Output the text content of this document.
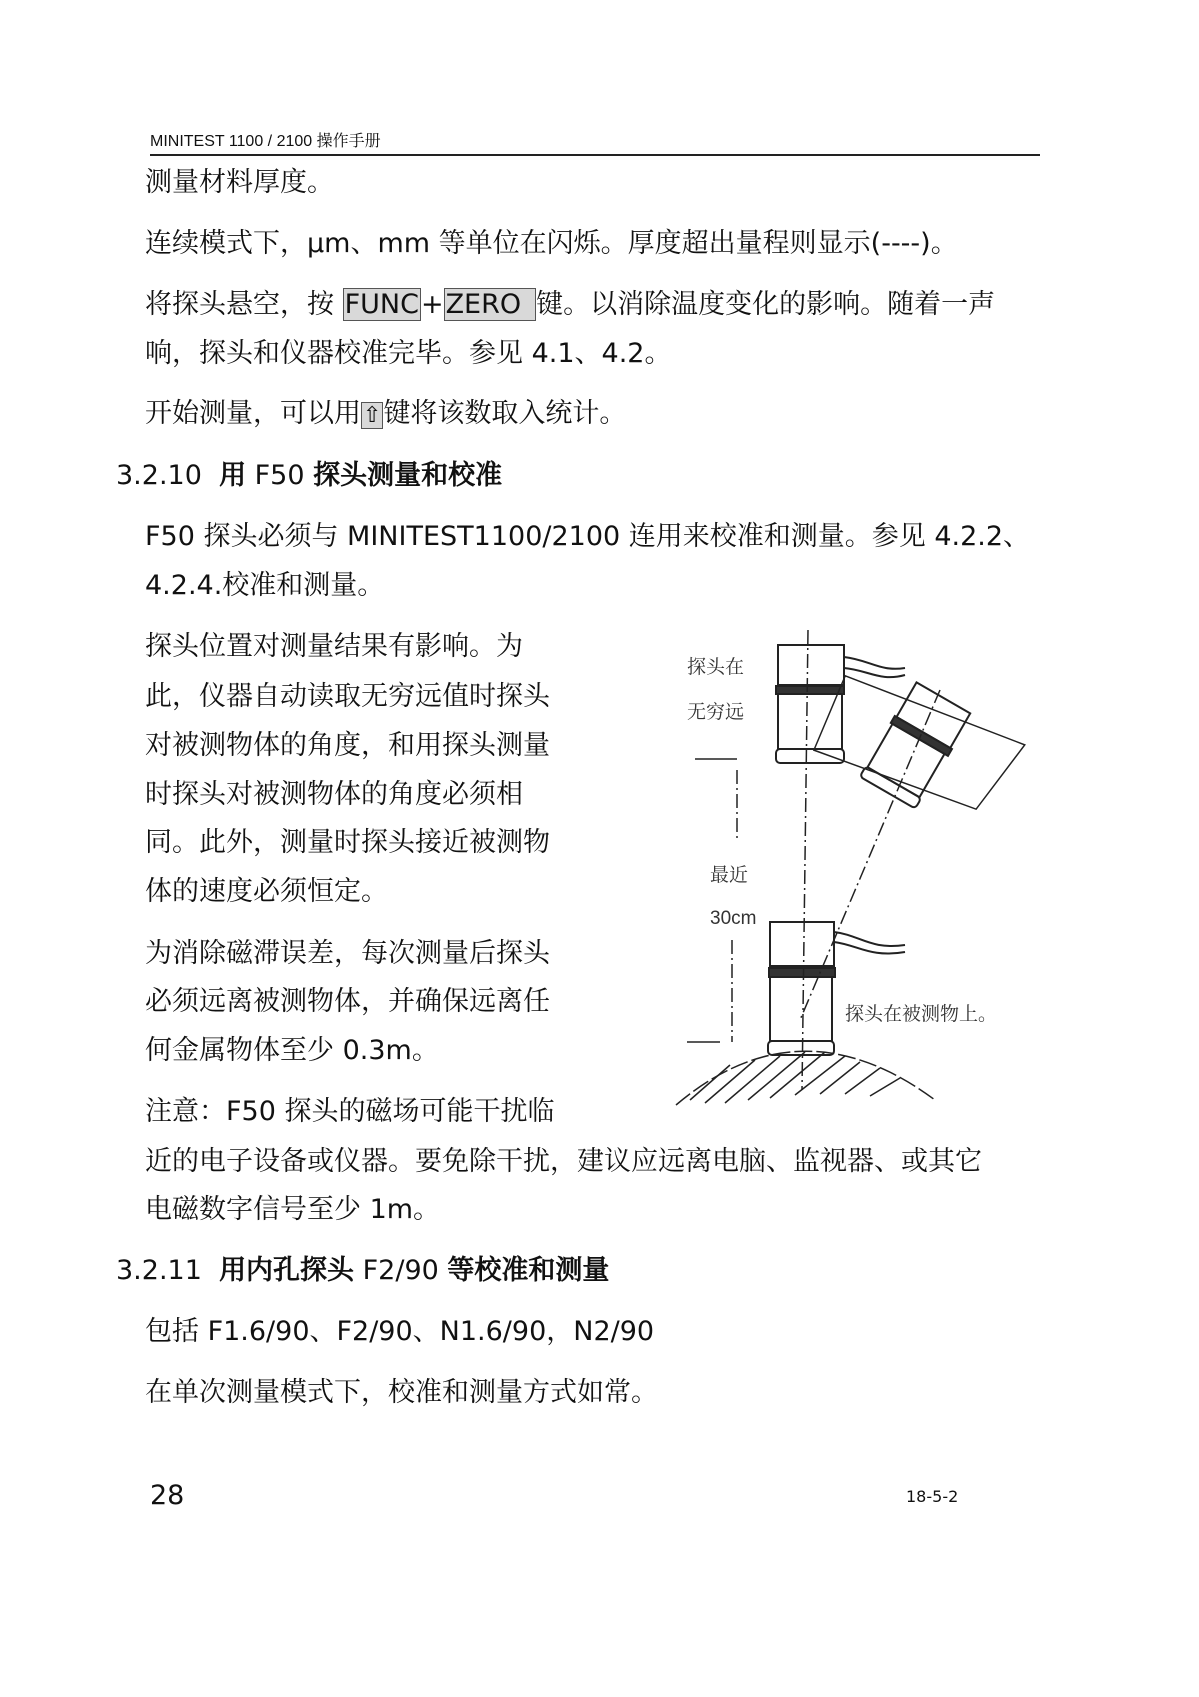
MINITEST 1100 / 2100 操作手册
测量材料厚度。
连续模式下，μm、mm 等单位在闪烁。厚度超出量程则显示(----)。
将探头悬空，按 FUNC+ZERO 键。以消除温度变化的影响。随着一声
响，探头和仪器校准完毕。参见 4.1、4.2。
开始测量，可以用⇧键将该数取入统计。
3.2.10 用 F50 探头测量和校准
F50 探头必须与 MINITEST1100/2100 连用来校准和测量。参见 4.2.2、
4.2.4.校准和测量。
探头位置对测量结果有影响。为
此，仪器自动读取无穷远值时探头
对被测物体的角度，和用探头测量
时探头对被测物体的角度必须相
同。此外，测量时探头接近被测物
体的速度必须恒定。
为消除磁滞误差，每次测量后探头
必须远离被测物体，并确保远离任
何金属物体至少 0.3m。
注意：F50 探头的磁场可能干扰临
近的电子设备或仪器。要免除干扰，建议应远离电脑、监视器、或其它
电磁数字信号至少 1m。
3.2.11 用内孔探头 F2/90 等校准和测量
包括 F1.6/90、F2/90、N1.6/90，N2/90
在单次测量模式下，校准和测量方式如常。
探头在
无穷远
最近
30cm
探头在被测物上。
28	18-5-2
